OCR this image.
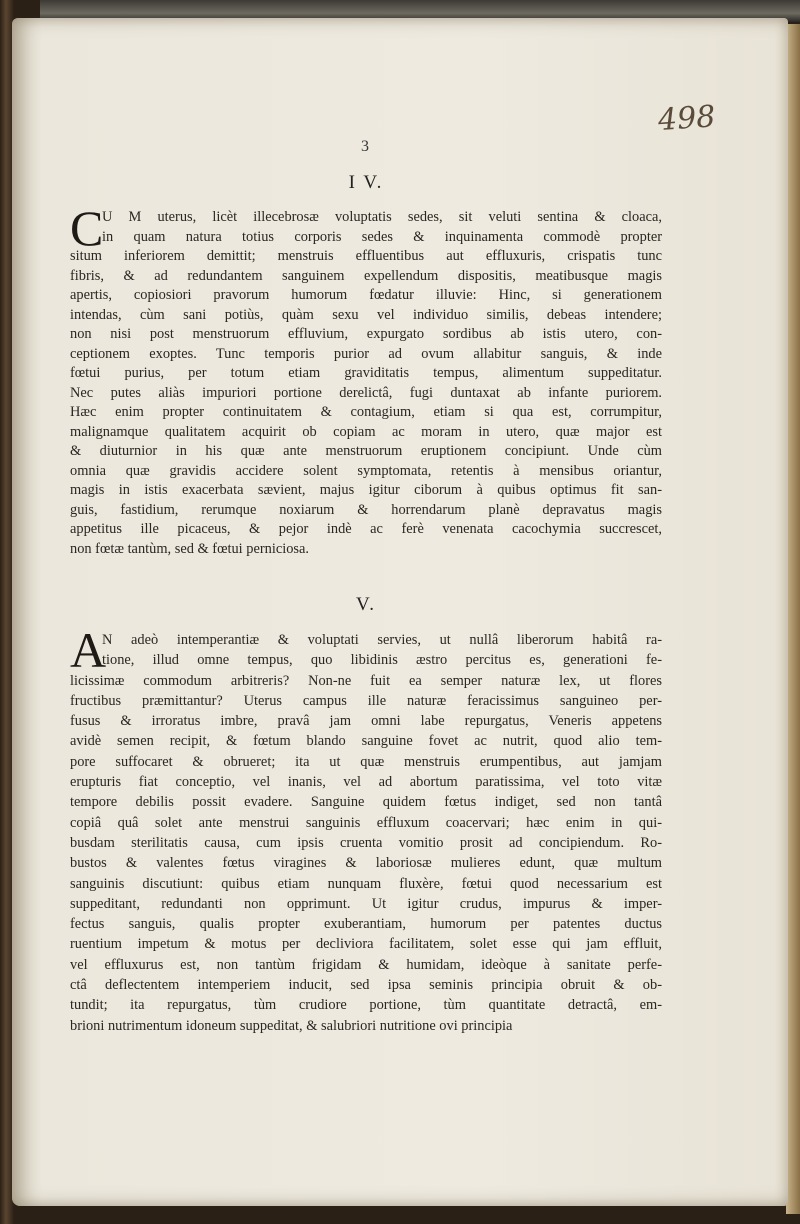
498
3
I V.
C
U M uterus, licèt illecebrosæ voluptatis sedes, sit veluti sentina & cloaca,
in quam natura totius corporis sedes & inquinamenta commodè propter
situm inferiorem demittit; menstruis effluentibus aut effluxuris, crispatis tunc
fibris, & ad redundantem sanguinem expellendum dispositis, meatibusque magis
apertis, copiosiori pravorum humorum fœdatur illuvie: Hinc, si generationem
intendas, cùm sani potiùs, quàm sexu vel individuo similis, debeas intendere;
non nisi post menstruorum effluvium, expurgato sordibus ab istis utero, con-
ceptionem exoptes. Tunc temporis purior ad ovum allabitur sanguis, & inde
fœtui purius, per totum etiam graviditatis tempus, alimentum suppeditatur.
Nec putes aliàs impuriori portione derelictâ, fugi duntaxat ab infante puriorem.
Hæc enim propter continuitatem & contagium, etiam si qua est, corrumpitur,
malignamque qualitatem acquirit ob copiam ac moram in utero, quæ major est
& diuturnior in his quæ ante menstruorum eruptionem concipiunt. Unde cùm
omnia quæ gravidis accidere solent symptomata, retentis à mensibus oriantur,
magis in istis exacerbata sævient, majus igitur ciborum à quibus optimus fit san-
guis, fastidium, rerumque noxiarum & horrendarum planè depravatus magis
appetitus ille picaceus, & pejor indè ac ferè venenata cacochymia succrescet,
non fœtæ tantùm, sed & fœtui perniciosa.
V.
A
N adeò intemperantiæ & voluptati servies, ut nullâ liberorum habitâ ra-
tione, illud omne tempus, quo libidinis æstro percitus es, generationi fe-
licissimæ commodum arbitreris? Non-ne fuit ea semper naturæ lex, ut flores
fructibus præmittantur? Uterus campus ille naturæ feracissimus sanguineo per-
fusus & irroratus imbre, pravâ jam omni labe repurgatus, Veneris appetens
avidè semen recipit, & fœtum blando sanguine fovet ac nutrit, quod alio tem-
pore suffocaret & obrueret; ita ut quæ menstruis erumpentibus, aut jamjam
erupturis fiat conceptio, vel inanis, vel ad abortum paratissima, vel toto vitæ
tempore debilis possit evadere. Sanguine quidem fœtus indiget, sed non tantâ
copiâ quâ solet ante menstrui sanguinis effluxum coacervari; hæc enim in qui-
busdam sterilitatis causa, cum ipsis cruenta vomitio prosit ad concipiendum. Ro-
bustos & valentes fœtus viragines & laboriosæ mulieres edunt, quæ multum
sanguinis discutiunt: quibus etiam nunquam fluxère, fœtui quod necessarium est
suppeditant, redundanti non opprimunt. Ut igitur crudus, impurus & imper-
fectus sanguis, qualis propter exuberantiam, humorum per patentes ductus
ruentium impetum & motus per decliviora facilitatem, solet esse qui jam effluit,
vel effluxurus est, non tantùm frigidam & humidam, ideòque à sanitate perfe-
ctâ deflectentem intemperiem inducit, sed ipsa seminis principia obruit & ob-
tundit; ita repurgatus, tùm crudiore portione, tùm quantitate detractâ, em-
brioni nutrimentum idoneum suppeditat, & salubriori nutritione ovi principia
